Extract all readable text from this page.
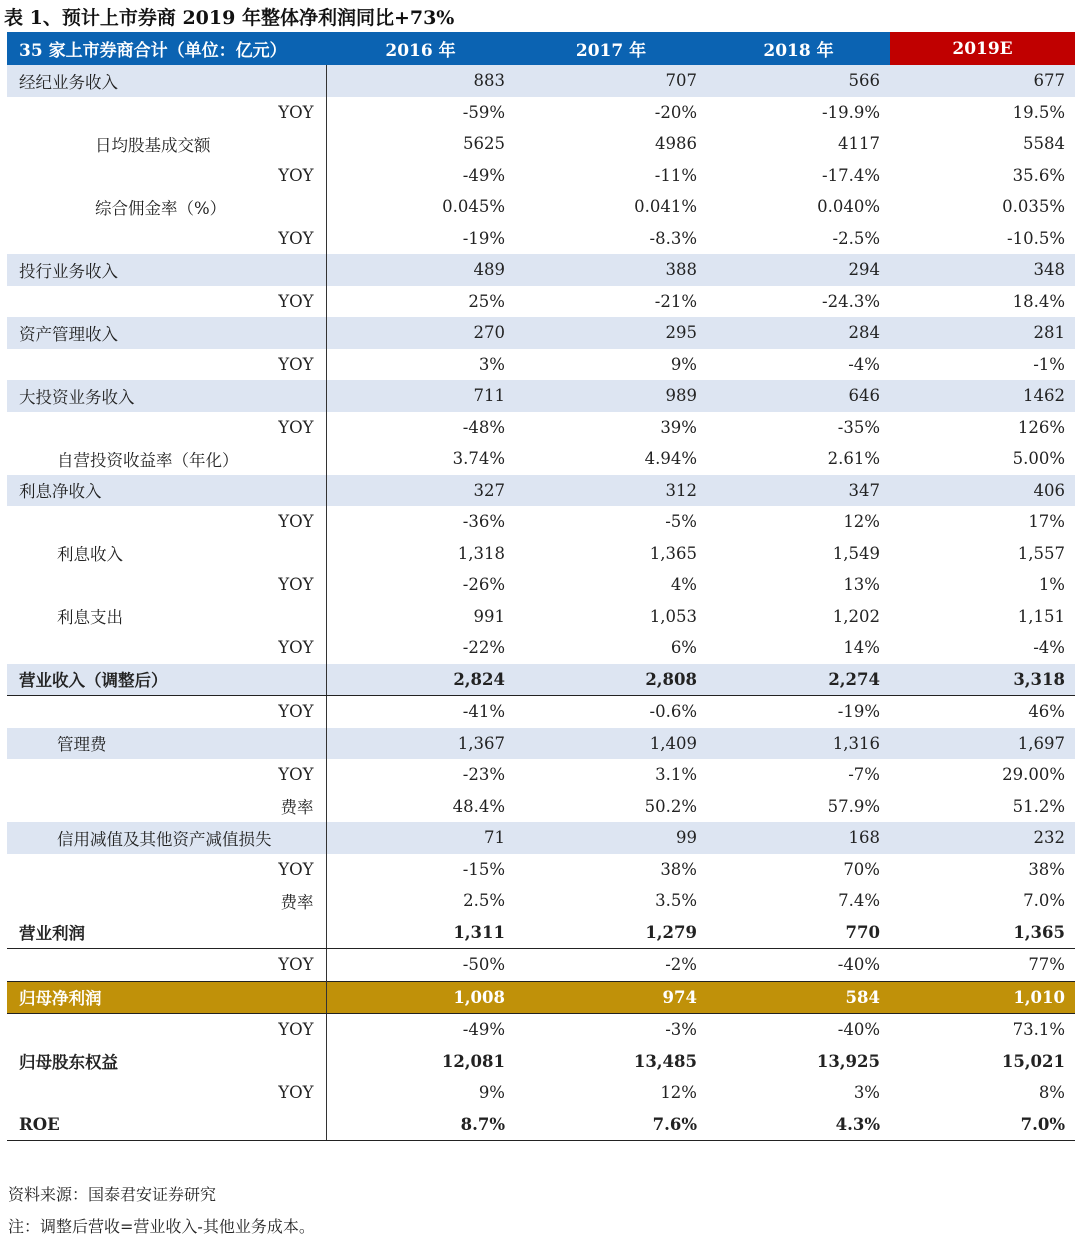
表 1、预计上市券商 2019 年整体净利润同比+73%
35 家上市券商合计（单位：亿元）	2016 年	2017 年	2018 年	2019E
经纪业务收入	883	707	566	677
YOY	-59%	-20%	-19.9%	19.5%
日均股基成交额	5625	4986	4117	5584
YOY	-49%	-11%	-17.4%	35.6%
综合佣金率（%）	0.045%	0.041%	0.040%	0.035%
YOY	-19%	-8.3%	-2.5%	-10.5%
投行业务收入	489	388	294	348
YOY	25%	-21%	-24.3%	18.4%
资产管理收入	270	295	284	281
YOY	3%	9%	-4%	-1%
大投资业务收入	711	989	646	1462
YOY	-48%	39%	-35%	126%
自营投资收益率（年化）	3.74%	4.94%	2.61%	5.00%
利息净收入	327	312	347	406
YOY	-36%	-5%	12%	17%
利息收入	1,318	1,365	1,549	1,557
YOY	-26%	4%	13%	1%
利息支出	991	1,053	1,202	1,151
YOY	-22%	6%	14%	-4%
营业收入（调整后）	2,824	2,808	2,274	3,318
YOY	-41%	-0.6%	-19%	46%
管理费	1,367	1,409	1,316	1,697
YOY	-23%	3.1%	-7%	29.00%
费率	48.4%	50.2%	57.9%	51.2%
信用减值及其他资产减值损失	71	99	168	232
YOY	-15%	38%	70%	38%
费率	2.5%	3.5%	7.4%	7.0%
营业利润	1,311	1,279	770	1,365
YOY	-50%	-2%	-40%	77%
归母净利润	1,008	974	584	1,010
YOY	-49%	-3%	-40%	73.1%
归母股东权益	12,081	13,485	13,925	15,021
YOY	9%	12%	3%	8%
ROE	8.7%	7.6%	4.3%	7.0%
资料来源：国泰君安证券研究
注：调整后营收=营业收入-其他业务成本。
